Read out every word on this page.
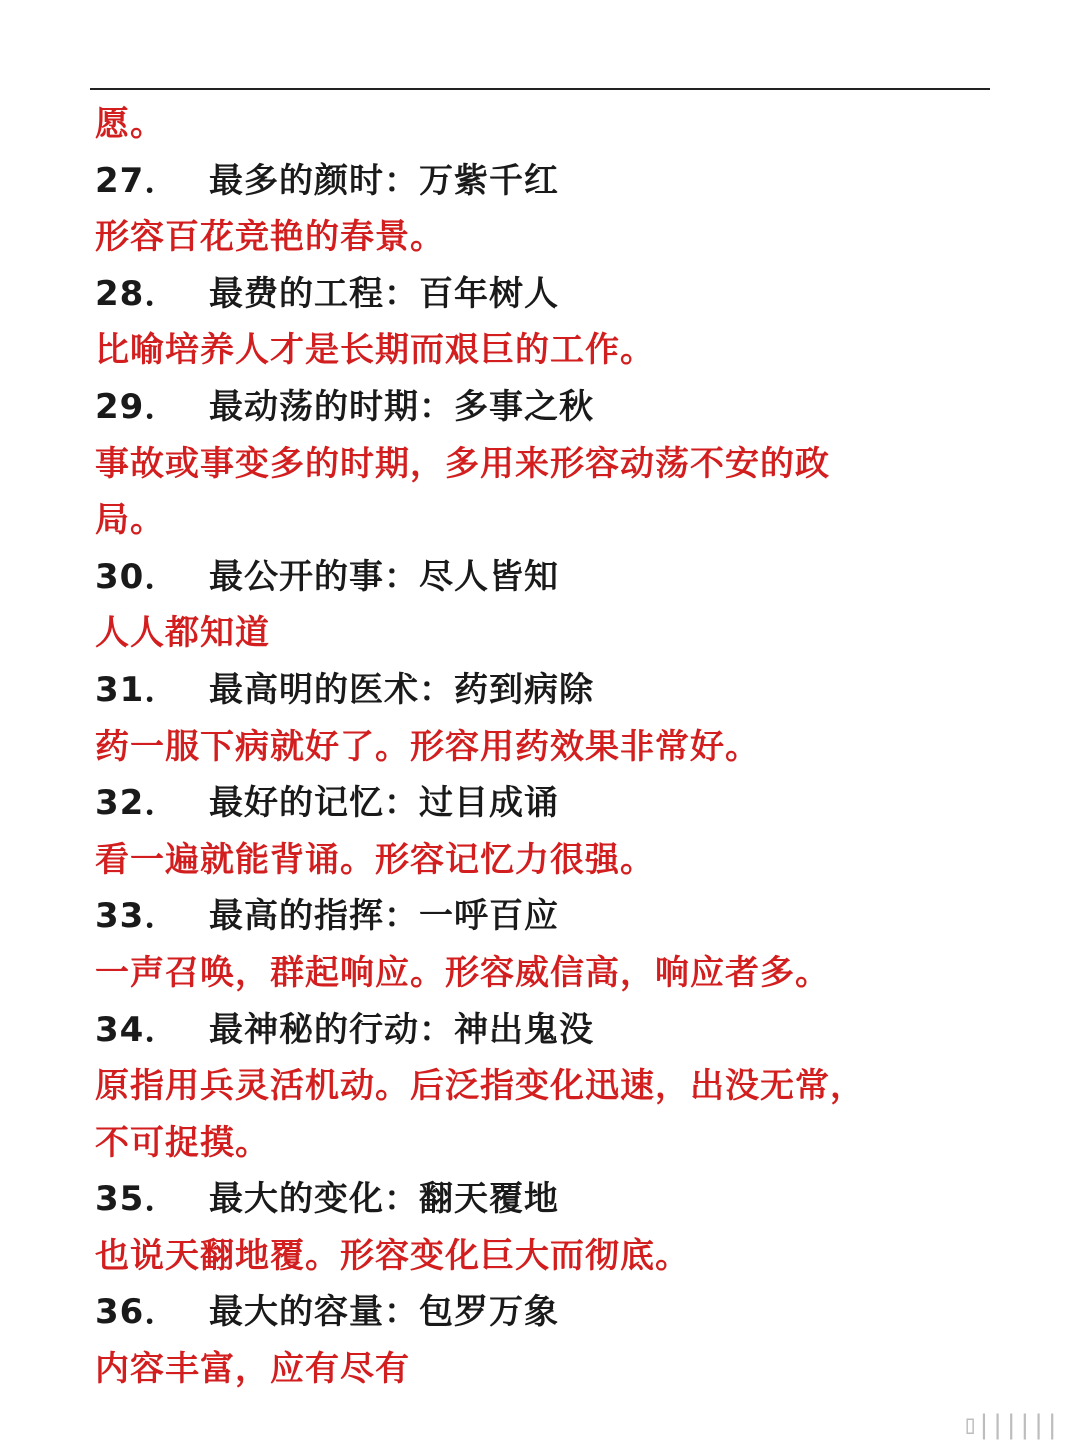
愿。
27． 最多的颜时：万紫千红
形容百花竞艳的春景。
28． 最费的工程：百年树人
比喻培养人才是长期而艰巨的工作。
29． 最动荡的时期：多事之秋
事故或事变多的时期，多用来形容动荡不安的政
局。
30． 最公开的事：尽人皆知
人人都知道
31． 最高明的医术：药到病除
药一服下病就好了。形容用药效果非常好。
32． 最好的记忆：过目成诵
看一遍就能背诵。形容记忆力很强。
33． 最高的指挥：一呼百应
一声召唤，群起响应。形容威信高，响应者多。
34． 最神秘的行动：神出鬼没
原指用兵灵活机动。后泛指变化迅速，出没无常，
不可捉摸。
35． 最大的变化：翻天覆地
也说天翻地覆。形容变化巨大而彻底。
36． 最大的容量：包罗万象
内容丰富，应有尽有
▯||||||
